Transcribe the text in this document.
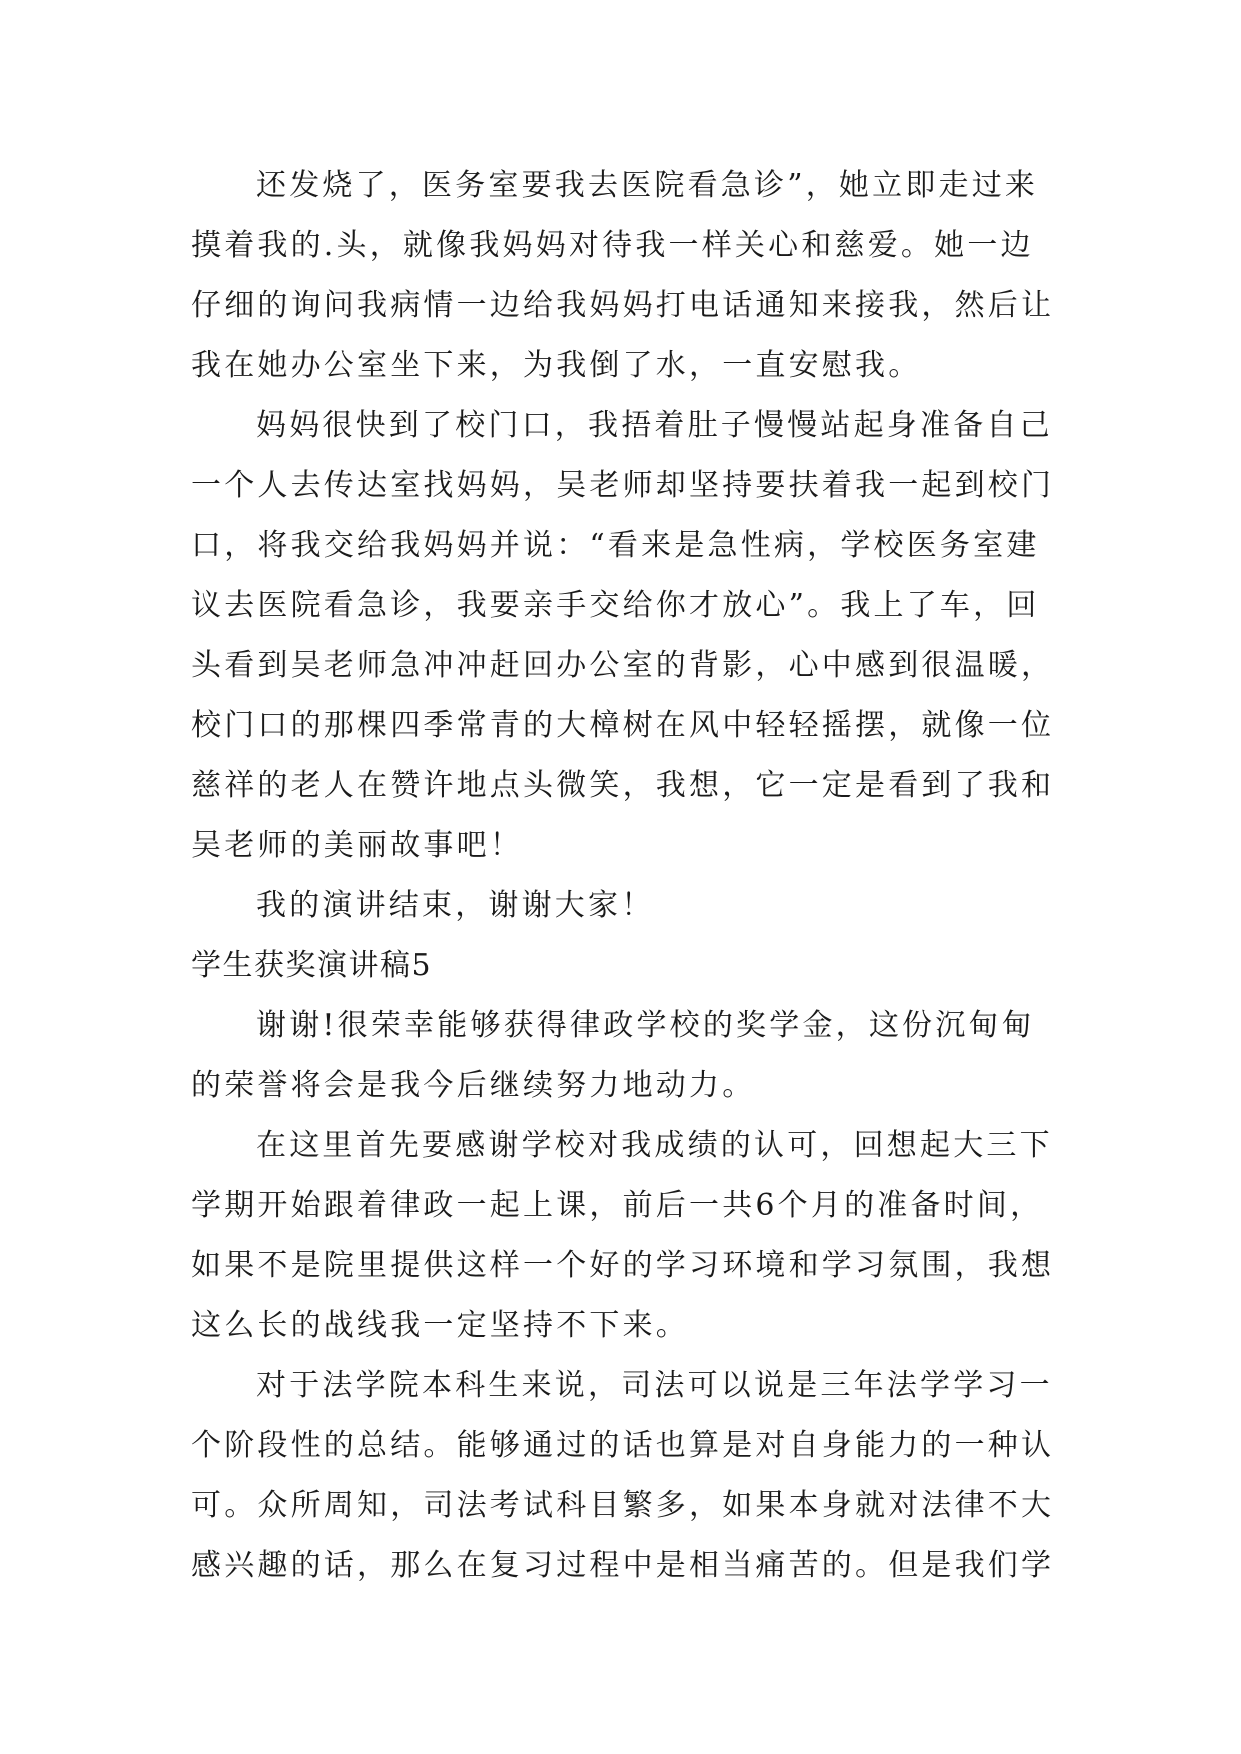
还发烧了，医务室要我去医院看急诊”，她立即走过来
摸着我的.头，就像我妈妈对待我一样关心和慈爱。她一边
仔细的询问我病情一边给我妈妈打电话通知来接我，然后让
我在她办公室坐下来，为我倒了水，一直安慰我。
妈妈很快到了校门口，我捂着肚子慢慢站起身准备自己
一个人去传达室找妈妈，吴老师却坚持要扶着我一起到校门
口，将我交给我妈妈并说：“看来是急性病，学校医务室建
议去医院看急诊，我要亲手交给你才放心”。我上了车，回
头看到吴老师急冲冲赶回办公室的背影，心中感到很温暖，
校门口的那棵四季常青的大樟树在风中轻轻摇摆，就像一位
慈祥的老人在赞许地点头微笑，我想，它一定是看到了我和
吴老师的美丽故事吧！
我的演讲结束，谢谢大家！
学生获奖演讲稿5
谢谢!很荣幸能够获得律政学校的奖学金，这份沉甸甸
的荣誉将会是我今后继续努力地动力。
在这里首先要感谢学校对我成绩的认可，回想起大三下
学期开始跟着律政一起上课，前后一共6个月的准备时间，
如果不是院里提供这样一个好的学习环境和学习氛围，我想
这么长的战线我一定坚持不下来。
对于法学院本科生来说，司法可以说是三年法学学习一
个阶段性的总结。能够通过的话也算是对自身能力的一种认
可。众所周知，司法考试科目繁多，如果本身就对法律不大
感兴趣的话，那么在复习过程中是相当痛苦的。但是我们学
